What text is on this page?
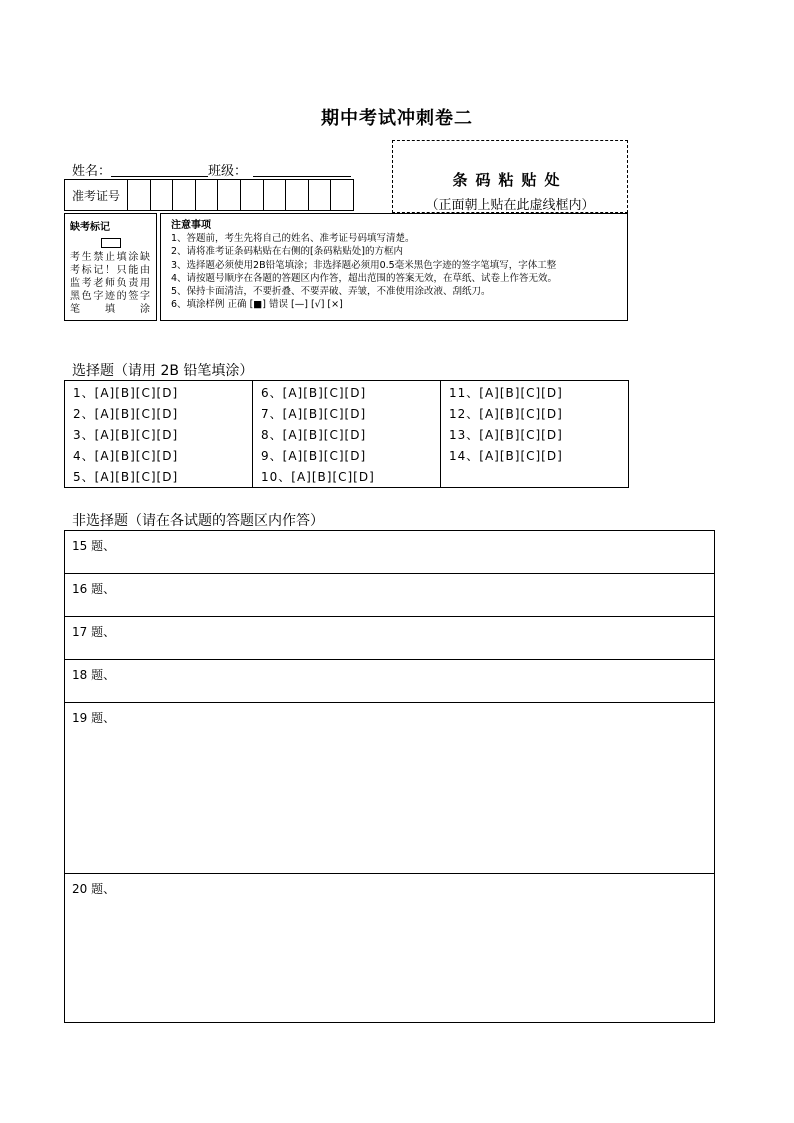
期中考试冲刺卷二
姓名：	班级：
准考证号
条码粘贴处
（正面朝上贴在此虚线框内）
缺考标记
考生禁止填涂缺考标记！只能由监考老师负责用黑色字迹的签字笔填涂
注意事项
1、答题前，考生先将自己的姓名、准考证号码填写清楚。
2、请将准考证条码粘贴在右侧的[条码粘贴处]的方框内
3、选择题必须使用2B铅笔填涂；非选择题必须用0.5毫米黑色字迹的签字笔填写，字体工整
4、请按题号顺序在各题的答题区内作答，超出范围的答案无效，在草纸、试卷上作答无效。
5、保持卡面清洁，不要折叠、不要弄破、弄皱，不准使用涂改液、刮纸刀。
6、填涂样例 正确 [■] 错误 [—] [√] [×]
选择题（请用 2B 铅笔填涂）
1、[A][B][C][D]
2、[A][B][C][D]
3、[A][B][C][D]
4、[A][B][C][D]
5、[A][B][C][D]
6、[A][B][C][D]
7、[A][B][C][D]
8、[A][B][C][D]
9、[A][B][C][D]
10、[A][B][C][D]
11、[A][B][C][D]
12、[A][B][C][D]
13、[A][B][C][D]
14、[A][B][C][D]
非选择题（请在各试题的答题区内作答）
15 题、
16 题、
17 题、
18 题、
19 题、
20 题、
